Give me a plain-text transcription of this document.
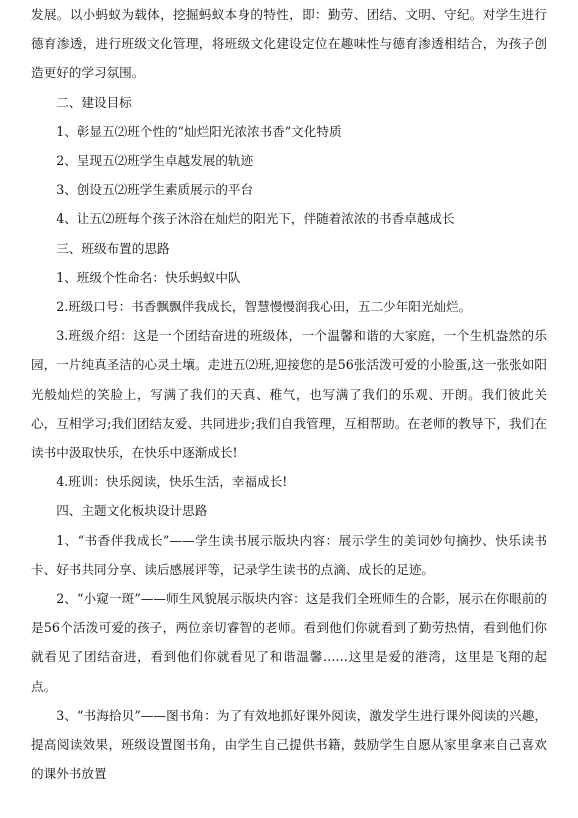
发展。以小蚂蚁为载体，挖掘蚂蚁本身的特性，即：勤劳、团结、文明、守纪。对学生进行德育渗透，进行班级文化管理，将班级文化建设定位在趣味性与德育渗透相结合，为孩子创造更好的学习氛围。

二、建设目标

1、彰显五⑵班个性的“灿烂阳光浓浓书香”文化特质

2、呈现五⑵班学生卓越发展的轨迹

3、创设五⑵班学生素质展示的平台

4、让五⑵班每个孩子沐浴在灿烂的阳光下，伴随着浓浓的书香卓越成长

三、班级布置的思路

1、班级个性命名：快乐蚂蚁中队

2.班级口号：书香飘飘伴我成长，智慧慢慢润我心田，五二少年阳光灿烂。

3.班级介绍：这是一个团结奋进的班级体，一个温馨和谐的大家庭，一个生机盎然的乐园，一片纯真圣洁的心灵土壤。走进五⑵班,迎接您的是56张活泼可爱的小脸蛋,这一张张如阳光般灿烂的笑脸上，写满了我们的天真、稚气，也写满了我们的乐观、开朗。我们彼此关心，互相学习;我们团结友爱、共同进步;我们自我管理，互相帮助。在老师的教导下，我们在读书中汲取快乐，在快乐中逐渐成长!

4.班训：快乐阅读，快乐生活，幸福成长!

四、主题文化板块设计思路

1、“书香伴我成长”——学生读书展示版块内容：展示学生的美词妙句摘抄、快乐读书卡、好书共同分享、读后感展评等，记录学生读书的点滴、成长的足迹。

2、“小窥一斑”——师生风貌展示版块内容：这是我们全班师生的合影，展示在你眼前的是56个活泼可爱的孩子，两位亲切睿智的老师。看到他们你就看到了勤劳热情，看到他们你就看见了团结奋进，看到他们你就看见了和谐温馨……这里是爱的港湾，这里是飞翔的起点。

3、“书海拾贝”——图书角：为了有效地抓好课外阅读，激发学生进行课外阅读的兴趣，提高阅读效果，班级设置图书角，由学生自己提供书籍，鼓励学生自愿从家里拿来自己喜欢的课外书放置
